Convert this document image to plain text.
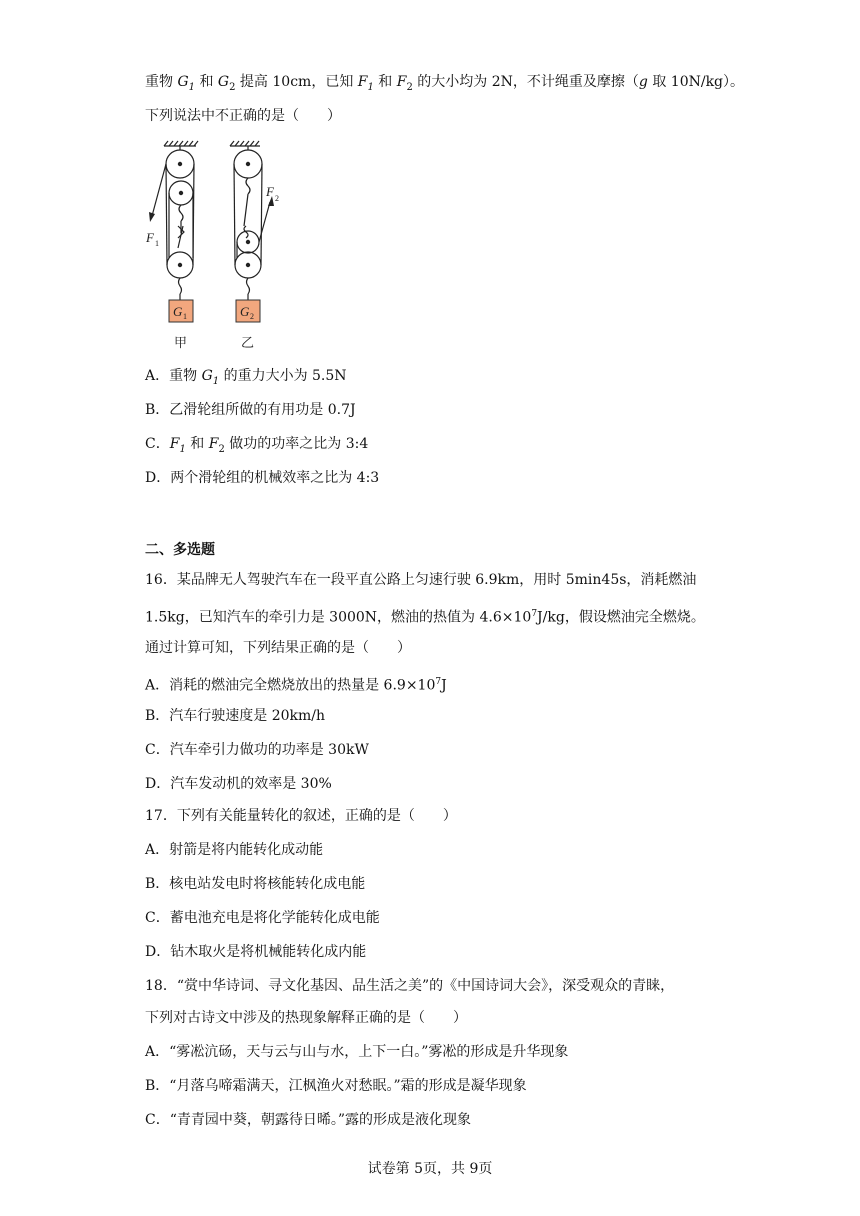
重物 $G_1$ 和 $G_2$ 提高 10cm，已知 $F_1$ 和 $F_2$ 的大小均为 2N，不计绳重及摩擦（g 取 10N/kg）。
下列说法中不正确的是（　　）
F 1
F 2
G 1	G 2
甲	乙
A．重物 $G_1$ 的重力大小为 5.5N
B．乙滑轮组所做的有用功是 0.7J
C．$F_1$ 和 $F_2$ 做功的功率之比为 3:4
D．两个滑轮组的机械效率之比为 4:3
二、多选题
16．某品牌无人驾驶汽车在一段平直公路上匀速行驶 6.9km，用时 5min45s，消耗燃油
1.5kg，已知汽车的牵引力是 3000N，燃油的热值为 $4.6\times 10^7J/kg$，假设燃油完全燃烧。
通过计算可知，下列结果正确的是（　　）
A．消耗的燃油完全燃烧放出的热量是 $6.9\times 10^7J$
B．汽车行驶速度是 20km/h
C．汽车牵引力做功的功率是 30kW
D．汽车发动机的效率是 30%
17．下列有关能量转化的叙述，正确的是（　　）
A．射箭是将内能转化成动能
B．核电站发电时将核能转化成电能
C．蓄电池充电是将化学能转化成电能
D．钻木取火是将机械能转化成内能
18．“赏中华诗词、寻文化基因、品生活之美”的《中国诗词大会》，深受观众的青睐，
下列对古诗文中涉及的热现象解释正确的是（　　）
A．“雾凇沆砀，天与云与山与水，上下一白。”雾凇的形成是升华现象
B．“月落乌啼霜满天，江枫渔火对愁眠。”霜的形成是凝华现象
C．“青青园中葵，朝露待日晞。”露的形成是液化现象
试卷第 5页，共 9页
